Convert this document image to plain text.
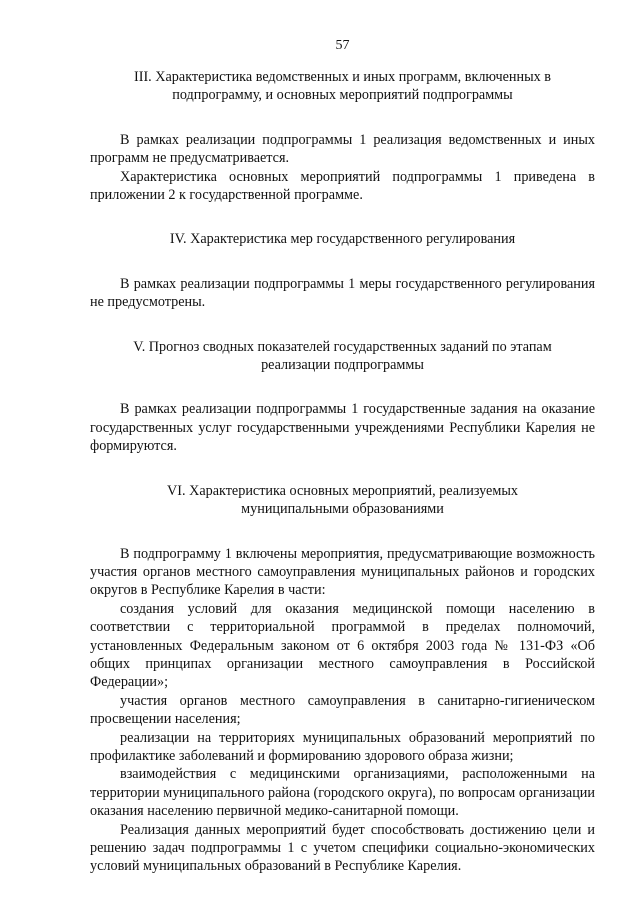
57
III. Характеристика ведомственных и иных программ, включенных в
подпрограмму, и основных мероприятий подпрограммы

В рамках реализации подпрограммы 1 реализация ведомственных и иных программ не предусматривается.

Характеристика основных мероприятий подпрограммы 1 приведена в приложении 2 к государственной программе.

IV. Характеристика мер государственного регулирования

В рамках реализации подпрограммы 1 меры государственного регулирования не предусмотрены.

V. Прогноз сводных показателей государственных заданий по этапам
реализации подпрограммы

В рамках реализации подпрограммы 1 государственные задания на оказание государственных услуг государственными учреждениями Республики Карелия не формируются.

VI. Характеристика основных мероприятий, реализуемых
муниципальными образованиями

В подпрограмму 1 включены мероприятия, предусматривающие возможность участия органов местного самоуправления муниципальных районов и городских округов в Республике Карелия в части:

создания условий для оказания медицинской помощи населению в соответствии с территориальной программой в пределах полномочий, установленных Федеральным законом от 6 октября 2003 года № 131-ФЗ «Об общих принципах организации местного самоуправления в Российской Федерации»;

участия органов местного самоуправления в санитарно-гигиеническом просвещении населения;

реализации на территориях муниципальных образований мероприятий по профилактике заболеваний и формированию здорового образа жизни;

взаимодействия с медицинскими организациями, расположенными на территории муниципального района (городского округа), по вопросам организации оказания населению первичной медико-санитарной помощи.

Реализация данных мероприятий будет способствовать достижению цели и решению задач подпрограммы 1 с учетом специфики социально-экономических условий муниципальных образований в Республике Карелия.
